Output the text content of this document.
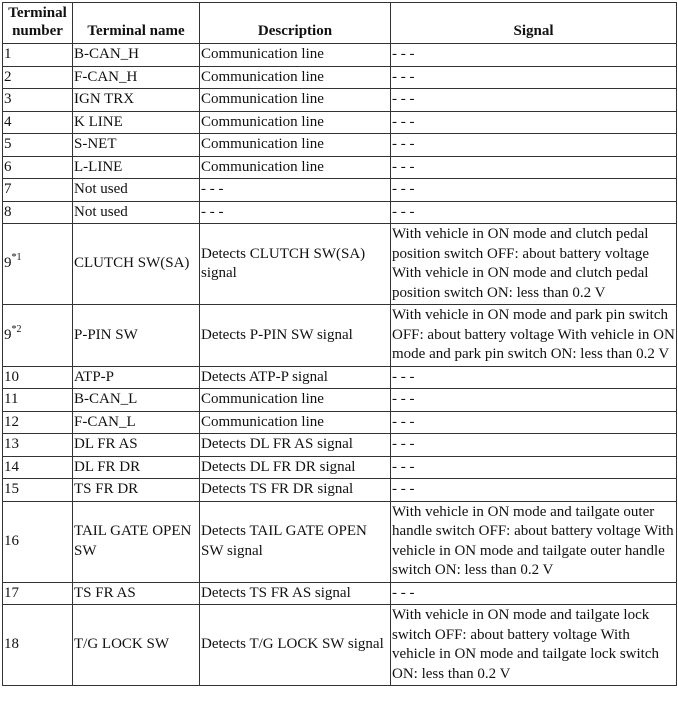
Terminal number	Terminal name	Description	Signal
1	B-CAN_H	Communication line	- - -
2	F-CAN_H	Communication line	- - -
3	IGN TRX	Communication line	- - -
4	K LINE	Communication line	- - -
5	S-NET	Communication line	- - -
6	L-LINE	Communication line	- - -
7	Not used	- - -	- - -
8	Not used	- - -	- - -
9$^{*1}$	CLUTCH SW(SA)	Detects CLUTCH SW(SA) signal	With vehicle in ON mode and clutch pedal position switch OFF: about battery voltage With vehicle in ON mode and clutch pedal position switch ON: less than 0.2 V
9$^{*2}$	P-PIN SW	Detects P-PIN SW signal	With vehicle in ON mode and park pin switch OFF: about battery voltage With vehicle in ON mode and park pin switch ON: less than 0.2 V
10	ATP-P	Detects ATP-P signal	- - -
11	B-CAN_L	Communication line	- - -
12	F-CAN_L	Communication line	- - -
13	DL FR AS	Detects DL FR AS signal	- - -
14	DL FR DR	Detects DL FR DR signal	- - -
15	TS FR DR	Detects TS FR DR signal	- - -
16	TAIL GATE OPEN SW	Detects TAIL GATE OPEN SW signal	With vehicle in ON mode and tailgate outer handle switch OFF: about battery voltage With vehicle in ON mode and tailgate outer handle switch ON: less than 0.2 V
17	TS FR AS	Detects TS FR AS signal	- - -
18	T/G LOCK SW	Detects T/G LOCK SW signal	With vehicle in ON mode and tailgate lock switch OFF: about battery voltage With vehicle in ON mode and tailgate lock switch ON: less than 0.2 V
